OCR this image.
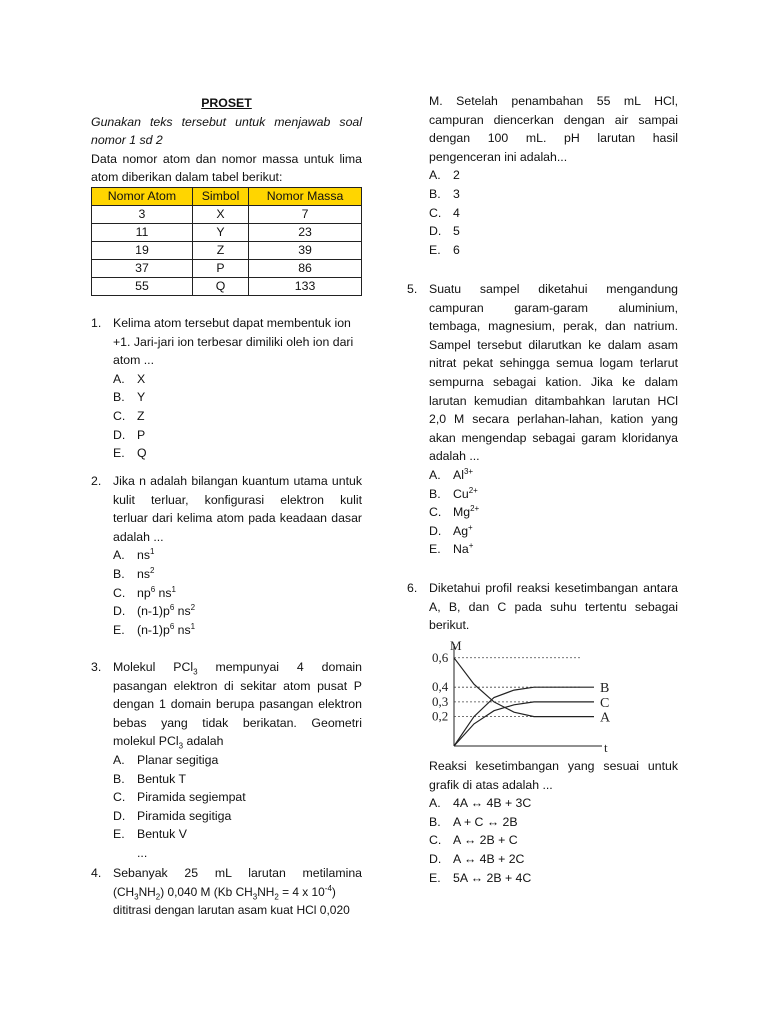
PROSET
Gunakan teks tersebut untuk menjawab soal
nomor 1 sd 2
Data nomor atom dan nomor massa untuk lima
atom diberikan dalam tabel berikut:
Nomor Atom	Simbol	Nomor Massa
3	X	7
11	Y	23
19	Z	39
37	P	86
55	Q	133
1. Kelima atom tersebut dapat membentuk ion
+1. Jari-jari ion terbesar dimiliki oleh ion dari
atom ...
A. X
B. Y
C. Z
D. P
E. Q
2. Jika n adalah bilangan kuantum utama untuk
kulit terluar, konfigurasi elektron kulit
terluar dari kelima atom pada keadaan dasar
adalah ...
A. $ns^1$
B. $ns^2$
C. $np^6$ $ns^1$
D. $(n-1)p^6$ $ns^2$
E. $(n-1)p^6$ $ns^1$
3. Molekul PCl$_3$ mempunyai 4 domain
pasangan elektron di sekitar atom pusat P
dengan 1 domain berupa pasangan elektron
bebas yang tidak berikatan. Geometri
molekul PCl$_3$ adalah
A. Planar segitiga
B. Bentuk T
C. Piramida segiempat
D. Piramida segitiga
E. Bentuk V
...
4. Sebanyak 25 mL larutan metilamina
$(CH_3NH_2)$ 0,040 M (Kb $CH_3NH_2 = 4$ x $10^{-4}$)
dititrasi dengan larutan asam kuat HCl 0,020
M. Setelah penambahan 55 mL HCl,
campuran diencerkan dengan air sampai
dengan 100 mL. pH larutan hasil
pengenceran ini adalah...
A. 2
B. 3
C. 4
D. 5
E. 6
5. Suatu sampel diketahui mengandung
campuran garam-garam aluminium,
tembaga, magnesium, perak, dan natrium.
Sampel tersebut dilarutkan ke dalam asam
nitrat pekat sehingga semua logam terlarut
sempurna sebagai kation. Jika ke dalam
larutan kemudian ditambahkan larutan HCl
2,0 M secara perlahan-lahan, kation yang
akan mengendap sebagai garam kloridanya
adalah ...
A. $Al^{3+}$
B. $Cu^{2+}$
C. $Mg^{2+}$
D. Ag+
E. Na+
6. Diketahui profil reaksi kesetimbangan antara
A, B, dan C pada suhu tertentu sebagai
berikut.
M
t
0,6
0,4
0,3
0,2
B
C
A
Reaksi kesetimbangan yang sesuai untuk
grafik di atas adalah ...
A. 4A ↔ 4B + 3C
B. A + C ↔ 2B
C. A ↔ 2B + C
D. A ↔ 4B + 2C
E. 5A ↔ 2B + 4C
